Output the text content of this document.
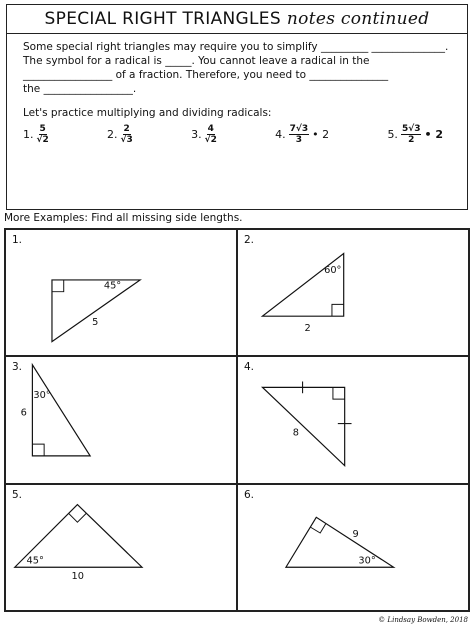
SPECIAL RIGHT TRIANGLES notes continued

Some special right triangles may require you to simplify _________ ______________.

The symbol for a radical is _____. You cannot leave a radical in the

_________________ of a fraction. Therefore, you need to _______________

the _________________.

Let's practice multiplying and dividing radicals:

1. $\frac{5}{√2}$	2. $\frac{2}{√3}$	3. $\frac{4}{√2}$	4. $\frac{7√3}{3}$ • 2	5. $\frac{5√3}{2}$ • 2
More Examples: Find all missing side lengths.
1.
45°
5
2.
60°
2
3.
30°
6
4.
8
5.
45°
10
6.
30°
9
© Lindsay Bowden, 2018
